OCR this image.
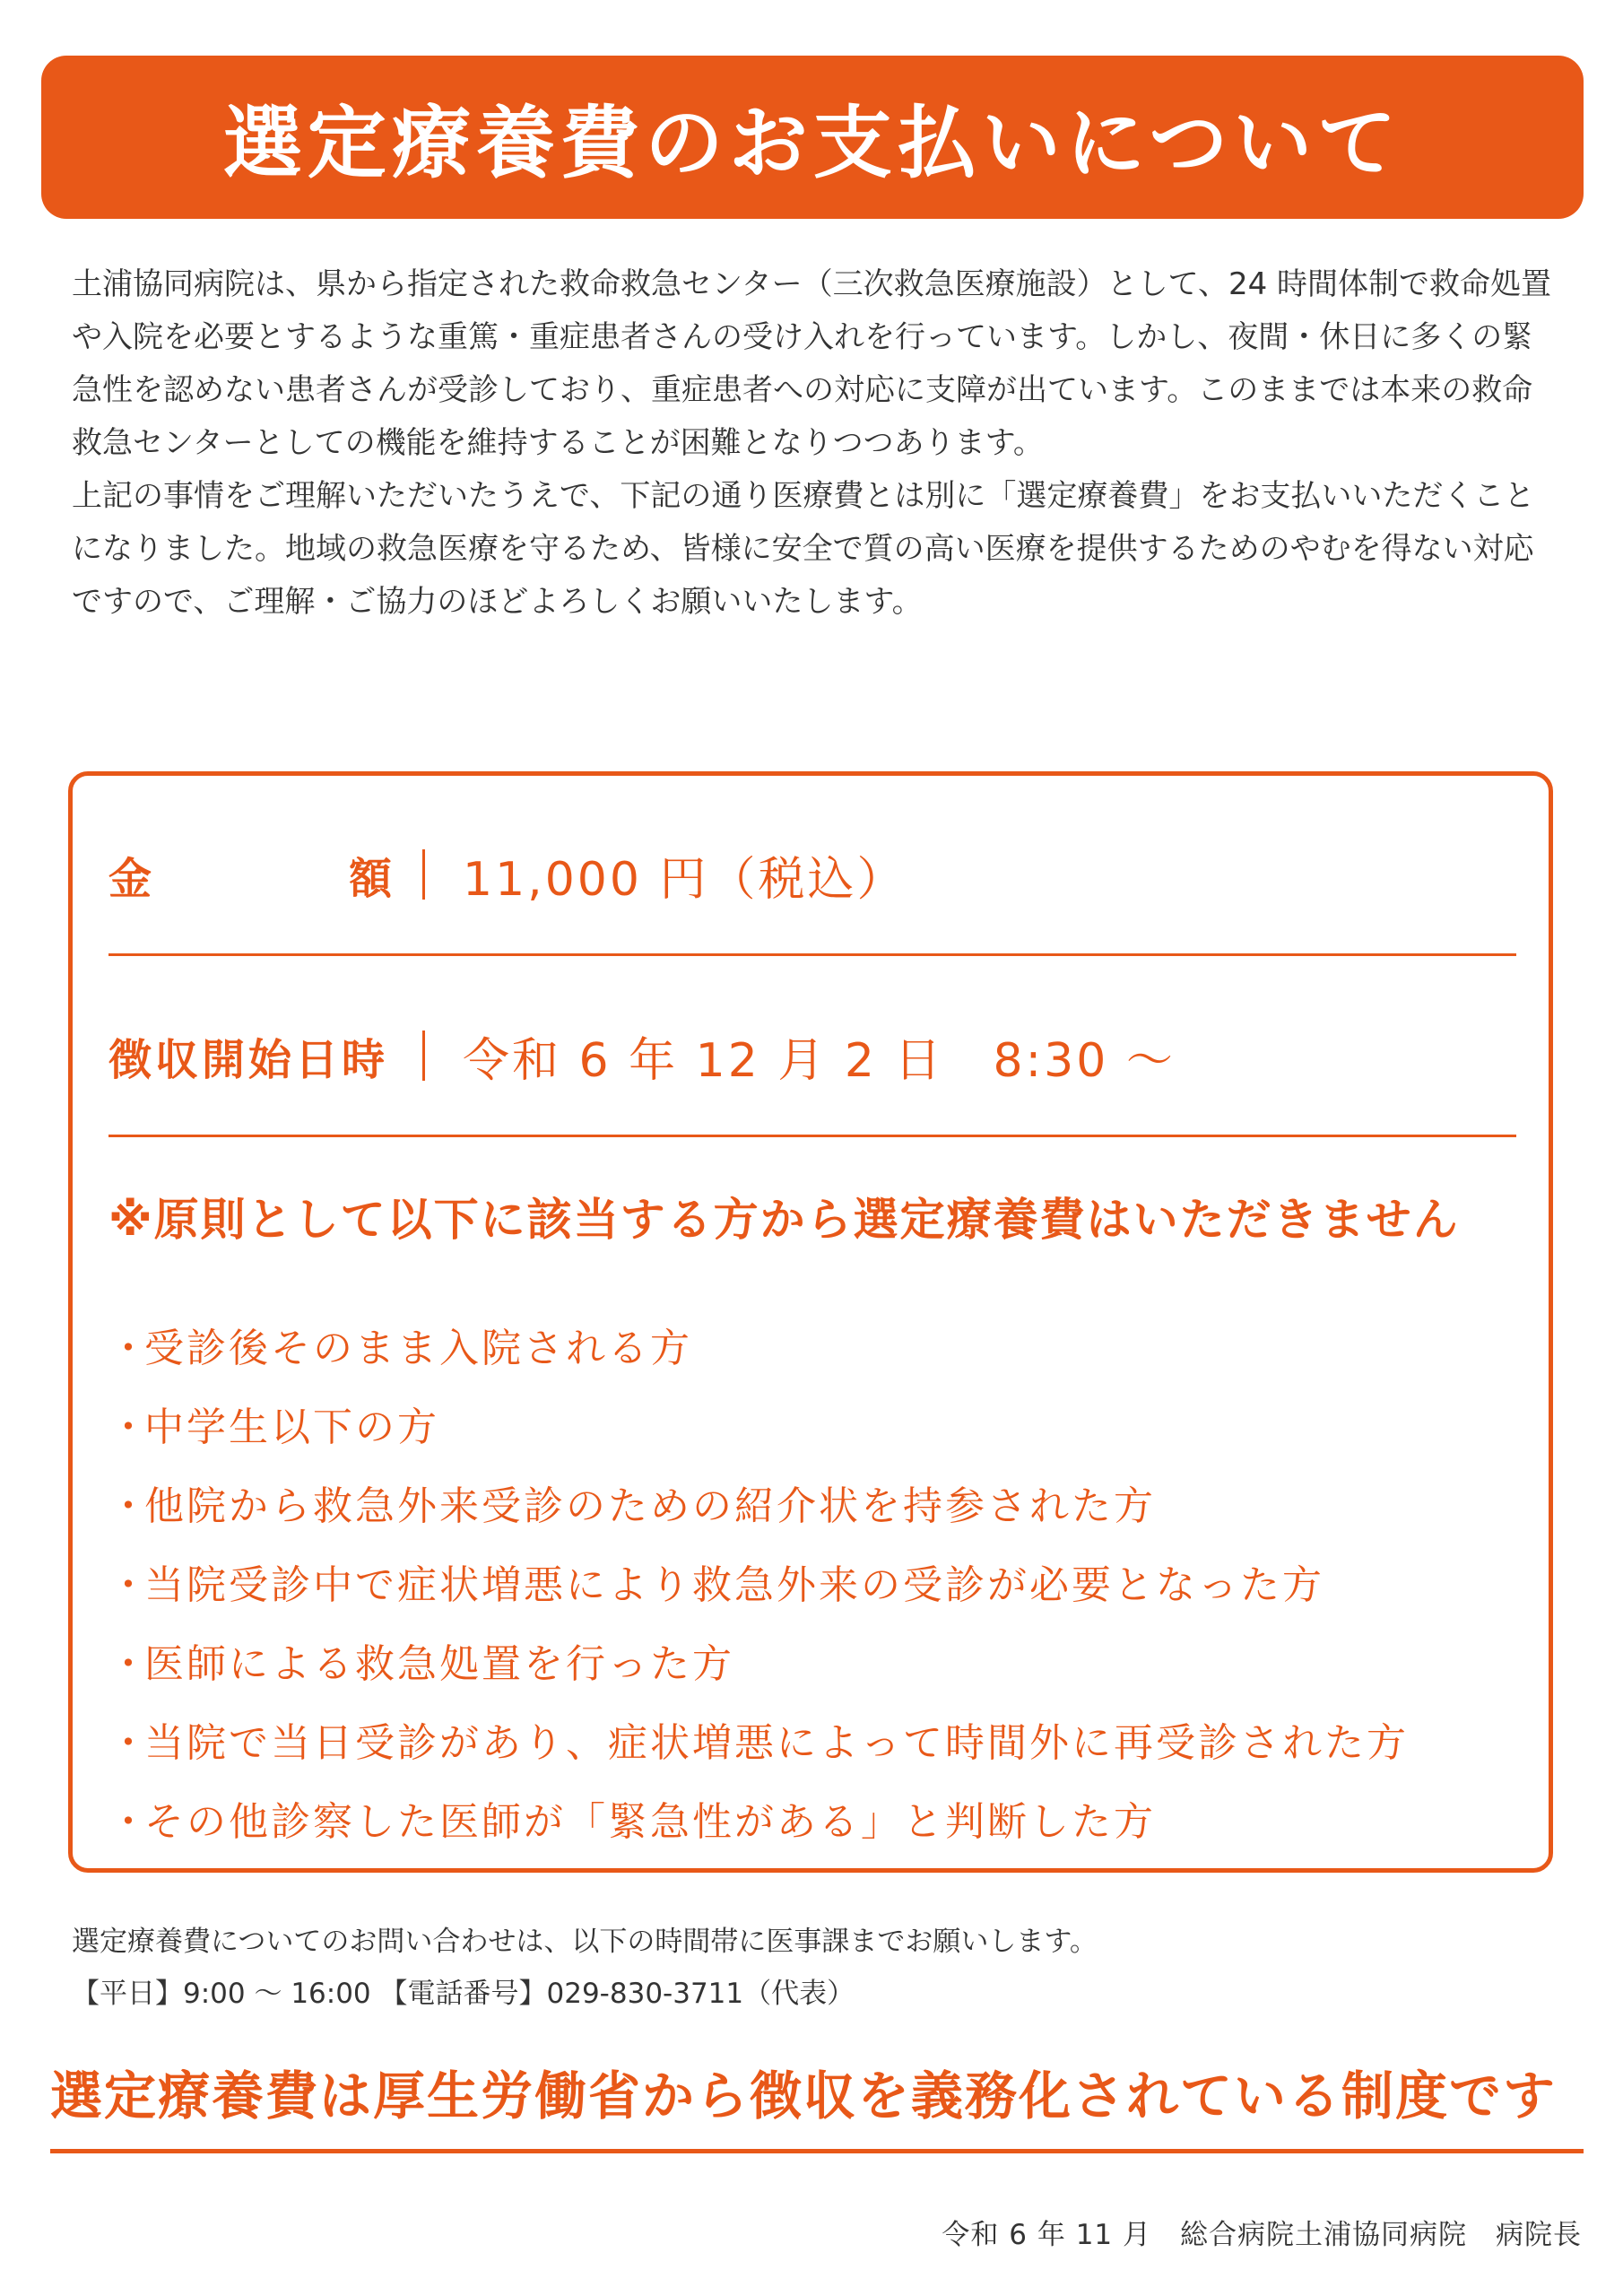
選定療養費のお支払いについて

土浦協同病院は、県から指定された救命救急センター（三次救急医療施設）として、24 時間体制で救命処置や入院を必要とするような重篤・重症患者さんの受け入れを行っています。しかし、夜間・休日に多くの緊急性を認めない患者さんが受診しており、重症患者への対応に支障が出ています。このままでは本来の救命救急センターとしての機能を維持することが困難となりつつあります。

上記の事情をご理解いただいたうえで、下記の通り医療費とは別に「選定療養費」をお支払いいただくことになりました。地域の救急医療を守るため、皆様に安全で質の高い医療を提供するためのやむを得ない対応ですので、ご理解・ご協力のほどよろしくお願いいたします。

金	額 11,000 円（税込）
徴収開始日時	令和 6 年 12 月 2 日　8:30 〜

※原則として以下に該当する方から選定療養費はいただきません

・
受診後そのまま入院される方
・
中学生以下の方
・
他院から救急外来受診のための紹介状を持参された方
・
当院受診中で症状増悪により救急外来の受診が必要となった方
・
医師による救急処置を行った方
・
当院で当日受診があり、症状増悪によって時間外に再受診された方
・
その他診察した医師が「緊急性がある」と判断した方

選定療養費についてのお問い合わせは、以下の時間帯に医事課までお願いします。

【平日】9:00 〜 16:00 【電話番号】029-830-3711（代表）

選定療養費は厚生労働省から徴収を義務化されている制度です

令和 6 年 11 月　総合病院土浦協同病院　病院長
